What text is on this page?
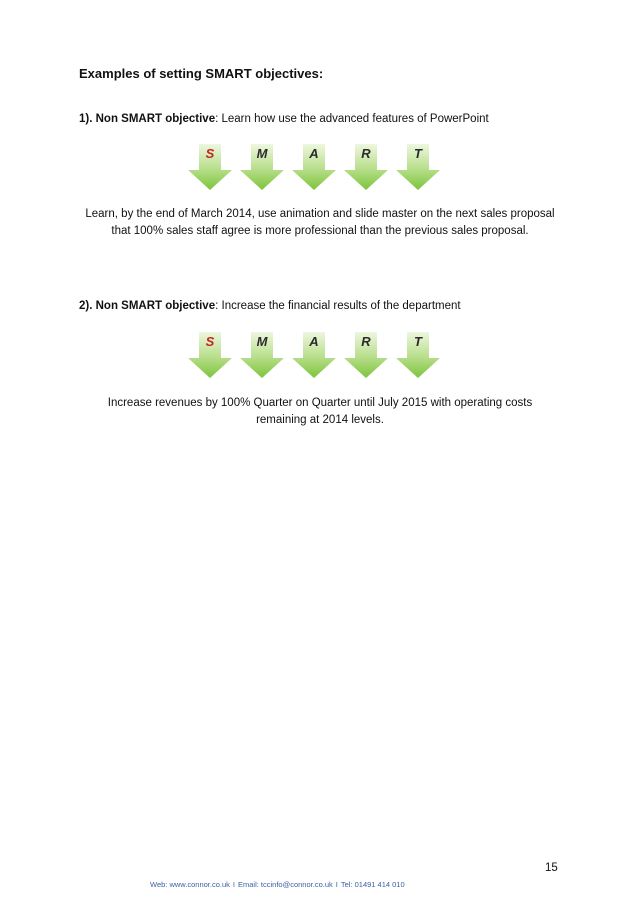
Examples of setting SMART objectives:
1). Non SMART objective: Learn how use the advanced features of PowerPoint
S	M	A	R	T
Learn, by the end of March 2014, use animation and slide master on the next sales proposal
that 100% sales staff agree is more professional than the previous sales proposal.
2). Non SMART objective: Increase the financial results of the department
S	M	A	R	T
Increase revenues by 100% Quarter on Quarter until July 2015 with operating costs
remaining at 2014 levels.
15
Web: www.connor.co.uk I Email: tccinfo@connor.co.uk I Tel: 01491 414 010
